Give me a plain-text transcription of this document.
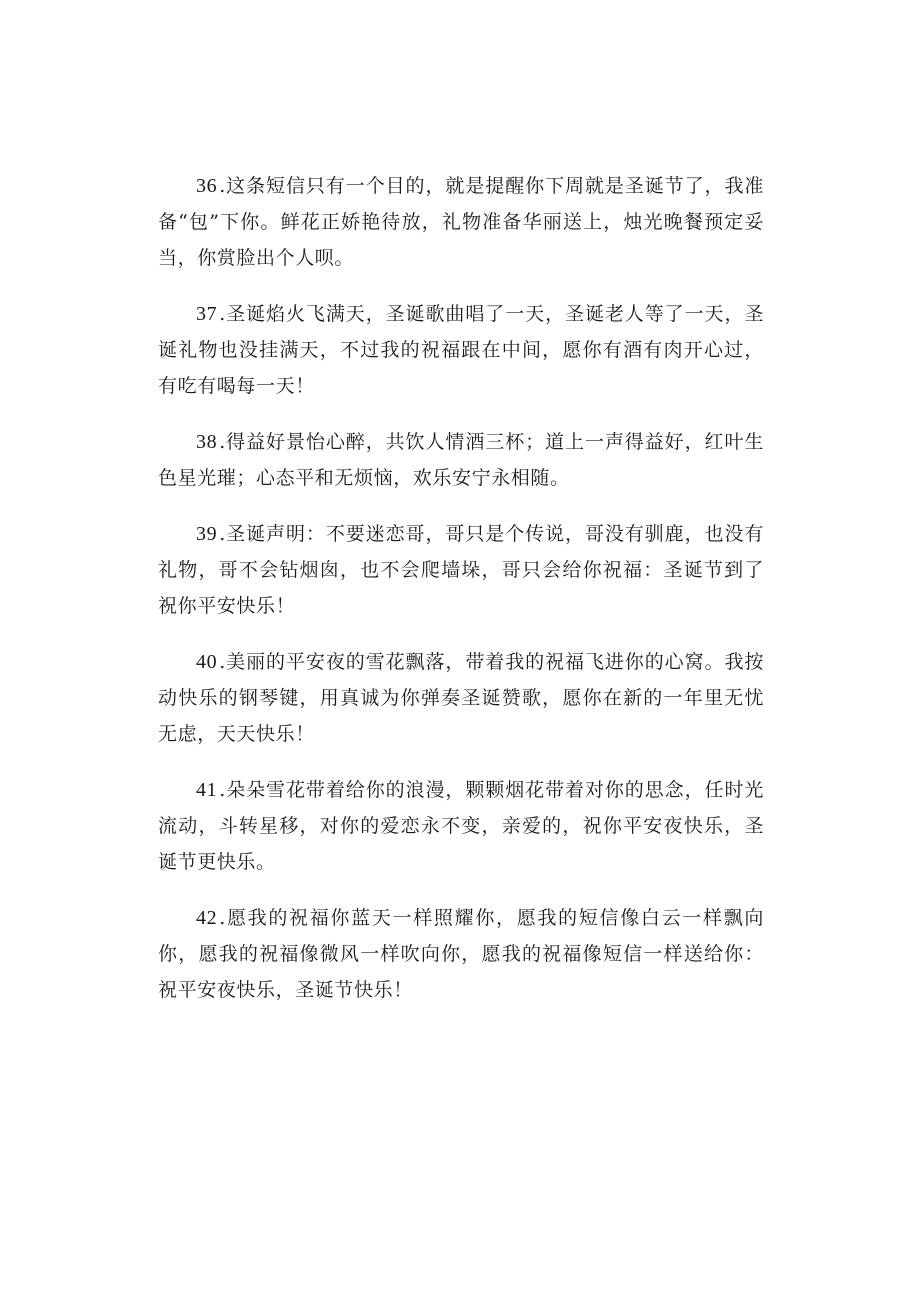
36 .这条短信只有一个目的，就是提醒你下周就是圣诞节了，我准备“包”下你。鲜花正娇艳待放，礼物准备华丽送上，烛光晚餐预定妥当，你赏脸出个人呗。

37 .圣诞焰火飞满天，圣诞歌曲唱了一天，圣诞老人等了一天，圣诞礼物也没挂满天，不过我的祝福跟在中间，愿你有酒有肉开心过，有吃有喝每一天！

38 .得益好景怡心醉，共饮人情酒三杯；道上一声得益好，红叶生色星光璀；心态平和无烦恼，欢乐安宁永相随。

39 .圣诞声明：不要迷恋哥，哥只是个传说，哥没有驯鹿，也没有礼物，哥不会钻烟囱，也不会爬墙垛，哥只会给你祝福：圣诞节到了祝你平安快乐！

40 .美丽的平安夜的雪花飘落，带着我的祝福飞进你的心窝。我按动快乐的钢琴键，用真诚为你弹奏圣诞赞歌，愿你在新的一年里无忧无虑，天天快乐！

41 .朵朵雪花带着给你的浪漫，颗颗烟花带着对你的思念，任时光流动，斗转星移，对你的爱恋永不变，亲爱的，祝你平安夜快乐，圣诞节更快乐。

42 .愿我的祝福你蓝天一样照耀你，愿我的短信像白云一样飘向你，愿我的祝福像微风一样吹向你，愿我的祝福像短信一样送给你：祝平安夜快乐，圣诞节快乐！
